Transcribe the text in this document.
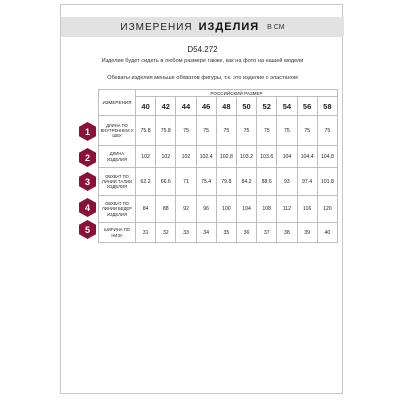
ИЗМЕРЕНИЯ ИЗДЕЛИЯ В СМ
D54.272
Изделие будет сидеть в любом размере также, как на фото на нашей модели
Обхваты изделия меньше обхватов фигуры, т.к. это изделие с эластаном
1
2
3
4
5
ИЗМЕРЕНИЯ	РОССИЙСКИЙ РАЗМЕР									
	40	42	44	46	48	50	52	54	56	58
ДЛИНА ПО ВНУТРЕННЕМ У ШВУ	75.8	75.8	75	75	75	75	75	75	75	75
ДЛИНА ИЗДЕЛИЯ	102	102	102	102.4	102.8	103.2	103.6	104	104.4	104.8
ОБХВАТ ПО ЛИНИИ ТАЛИИ ИЗДЕЛИЯ	62.2	66.6	71	75.4	79.8	84.2	88.6	93	97.4	101.8
ОБХВАТ ПО ЛИНИИ БЕДЕР ИЗДЕЛИЯ	84	88	92	96	100	104	108	112	116	120
ШИРИНА ПО НИЗУ	31	32	33	34	35	36	37	38	39	40
